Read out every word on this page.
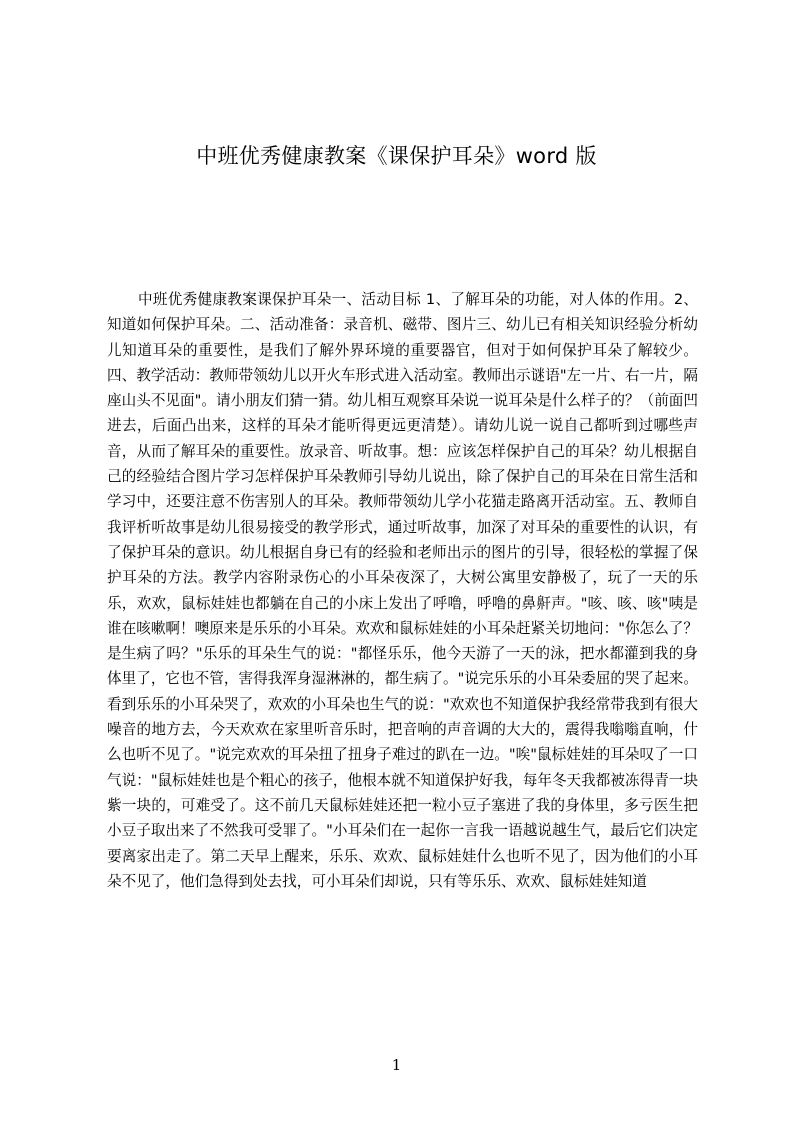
中班优秀健康教案《课保护耳朵》word 版

中班优秀健康教案课保护耳朵一、活动目标 1、了解耳朵的功能，对人体的作用。2、知道如何保护耳朵。二、活动准备：录音机、磁带、图片三、幼儿已有相关知识经验分析幼儿知道耳朵的重要性，是我们了解外界环境的重要器官，但对于如何保护耳朵了解较少。四、教学活动：教师带领幼儿以开火车形式进入活动室。教师出示谜语"左一片、右一片，隔座山头不见面"。请小朋友们猜一猜。幼儿相互观察耳朵说一说耳朵是什么样子的？（前面凹进去，后面凸出来，这样的耳朵才能听得更远更清楚）。请幼儿说一说自己都听到过哪些声音，从而了解耳朵的重要性。放录音、听故事。想：应该怎样保护自己的耳朵？幼儿根据自己的经验结合图片学习怎样保护耳朵教师引导幼儿说出，除了保护自己的耳朵在日常生活和学习中，还要注意不伤害别人的耳朵。教师带领幼儿学小花猫走路离开活动室。五、教师自我评析听故事是幼儿很易接受的教学形式，通过听故事，加深了对耳朵的重要性的认识，有了保护耳朵的意识。幼儿根据自身已有的经验和老师出示的图片的引导，很轻松的掌握了保护耳朵的方法。教学内容附录伤心的小耳朵夜深了，大树公寓里安静极了，玩了一天的乐乐，欢欢，鼠标娃娃也都躺在自己的小床上发出了呼噜，呼噜的鼻鼾声。"咳、咳、咳"咦是谁在咳嗽啊！噢原来是乐乐的小耳朵。欢欢和鼠标娃娃的小耳朵赶紧关切地问："你怎么了？是生病了吗？"乐乐的耳朵生气的说："都怪乐乐，他今天游了一天的泳，把水都灌到我的身体里了，它也不管，害得我浑身湿淋淋的，都生病了。"说完乐乐的小耳朵委屈的哭了起来。看到乐乐的小耳朵哭了，欢欢的小耳朵也生气的说："欢欢也不知道保护我经常带我到有很大噪音的地方去，今天欢欢在家里听音乐时，把音响的声音调的大大的，震得我嗡嗡直响，什么也听不见了。"说完欢欢的耳朵扭了扭身子难过的趴在一边。"唉"鼠标娃娃的耳朵叹了一口气说："鼠标娃娃也是个粗心的孩子，他根本就不知道保护好我，每年冬天我都被冻得青一块紫一块的，可难受了。这不前几天鼠标娃娃还把一粒小豆子塞进了我的身体里，多亏医生把小豆子取出来了不然我可受罪了。"小耳朵们在一起你一言我一语越说越生气，最后它们决定要离家出走了。第二天早上醒来，乐乐、欢欢、鼠标娃娃什么也听不见了，因为他们的小耳朵不见了，他们急得到处去找，可小耳朵们却说，只有等乐乐、欢欢、鼠标娃娃知道

1
